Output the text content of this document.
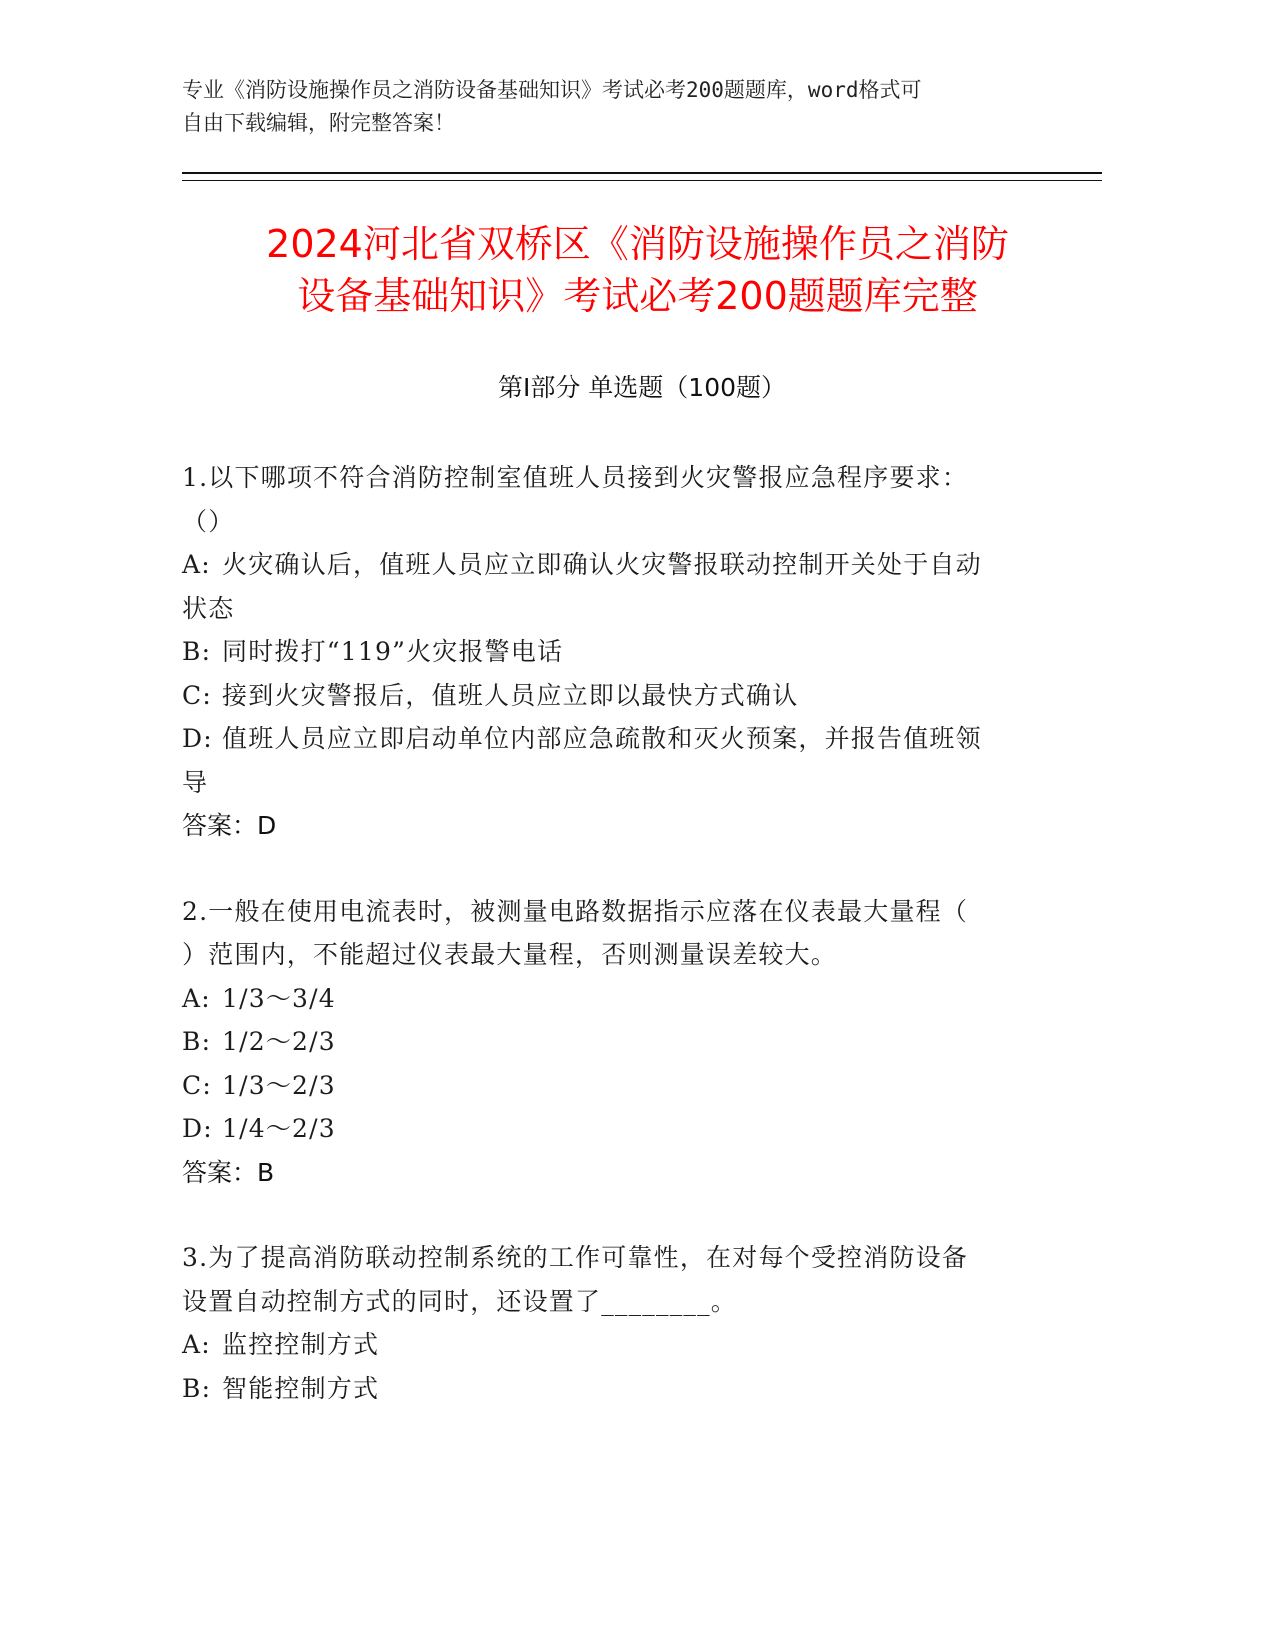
专业《消防设施操作员之消防设备基础知识》考试必考200题题库，word格式可
自由下载编辑，附完整答案！
2024河北省双桥区《消防设施操作员之消防
设备基础知识》考试必考200题题库完整
第Ⅰ部分 单选题（100题）
1.以下哪项不符合消防控制室值班人员接到火灾警报应急程序要求：
（）
A: 火灾确认后，值班人员应立即确认火灾警报联动控制开关处于自动
状态
B: 同时拨打“119”火灾报警电话
C: 接到火灾警报后，值班人员应立即以最快方式确认
D: 值班人员应立即启动单位内部应急疏散和灭火预案，并报告值班领
导
答案：D
2.一般在使用电流表时，被测量电路数据指示应落在仪表最大量程（
）范围内，不能超过仪表最大量程，否则测量误差较大。
A: 1/3～3/4
B: 1/2～2/3
C: 1/3～2/3
D: 1/4～2/3
答案：B
3.为了提高消防联动控制系统的工作可靠性，在对每个受控消防设备
设置自动控制方式的同时，还设置了________。
A: 监控控制方式
B: 智能控制方式
